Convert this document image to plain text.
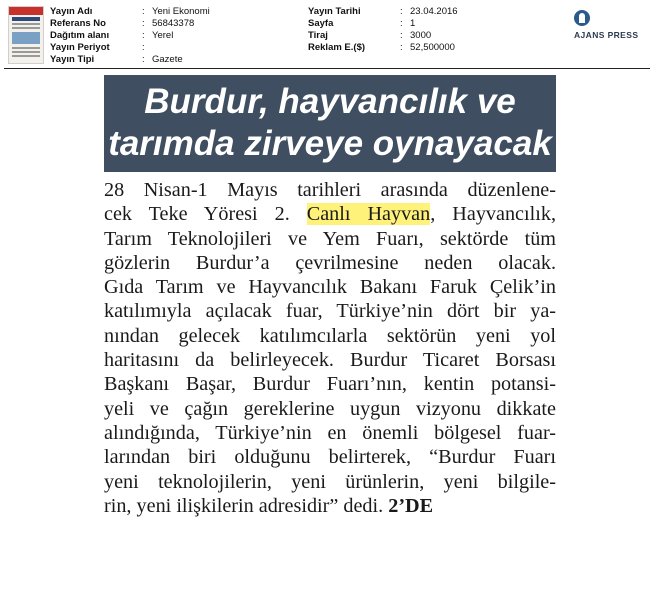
Yayın Adı	: Yeni Ekonomi
Referans No	: 56843378
Dağıtım alanı	: Yerel
Yayın Periyot	:
Yayın Tipi	: Gazete
Yayın Tarihi	: 23.04.2016
Sayfa	: 1
Tiraj	: 3000
Reklam E.($)	: 52,500000
AJANS PRESS
Burdur, hayvancılık ve
tarımda zirveye oynayacak
28 Nisan-1 Mayıs tarihleri arasında düzenlene-
cek Teke Yöresi 2. Canlı Hayvan, Hayvancılık,
Tarım Teknolojileri ve Yem Fuarı, sektörde tüm
gözlerin Burdur’a çevrilmesine neden olacak.
Gıda Tarım ve Hayvancılık Bakanı Faruk Çelik’in
katılımıyla açılacak fuar, Türkiye’nin dört bir ya-
nından gelecek katılımcılarla sektörün yeni yol
haritasını da belirleyecek. Burdur Ticaret Borsası
Başkanı Başar, Burdur Fuarı’nın, kentin potansi-
yeli ve çağın gereklerine uygun vizyonu dikkate
alındığında, Türkiye’nin en önemli bölgesel fuar-
larından biri olduğunu belirterek, “Burdur Fuarı
yeni teknolojilerin, yeni ürünlerin, yeni bilgile-
rin, yeni ilişkilerin adresidir” dedi. 2’DE
